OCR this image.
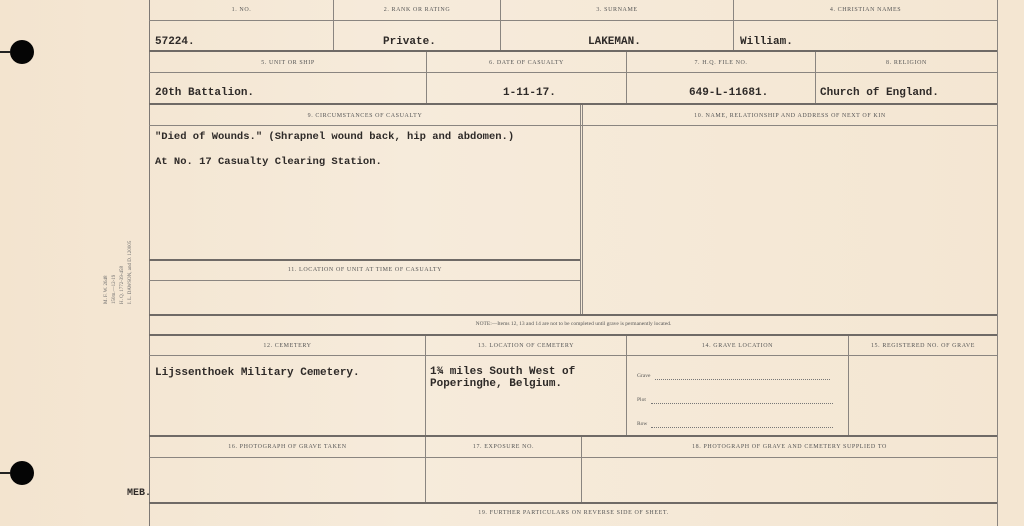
1. NO.	2. RANK OR RATING	3. SURNAME	4. CHRISTIAN NAMES
57224.	Private.	LAKEMAN.	William.
5. UNIT OR SHIP	6. DATE OF CASUALTY	7. H.Q. FILE NO.	8. RELIGION
20th Battalion.	1-11-17.	649-L-11681.	Church of England.
9. CIRCUMSTANCES OF CASUALTY	10. NAME, RELATIONSHIP AND ADDRESS OF NEXT OF KIN
"Died of Wounds." (Shrapnel wound back, hip and abdomen.)
At No. 17 Casualty Clearing Station.
11. LOCATION OF UNIT AT TIME OF CASUALTY
NOTE:—Items 12, 13 and 14 are not to be completed until grave is permanently located.
12. CEMETERY	13. LOCATION OF CEMETERY	14. GRAVE LOCATION	15. REGISTERED NO. OF GRAVE
Lijssenthoek Military Cemetery.	1¾ miles South West of
Poperinghe, Belgium.
Grave
Plot
Row
16. PHOTOGRAPH OF GRAVE TAKEN	17. EXPOSURE NO.	18. PHOTOGRAPH OF GRAVE AND CEMETERY SUPPLIED TO
19. FURTHER PARTICULARS ON REVERSE SIDE OF SHEET.
MEB.
M. F. W. 2648 150m.—12-19 H. Q. 1772-39-458 I. L. DAWSON, and D. 120005
